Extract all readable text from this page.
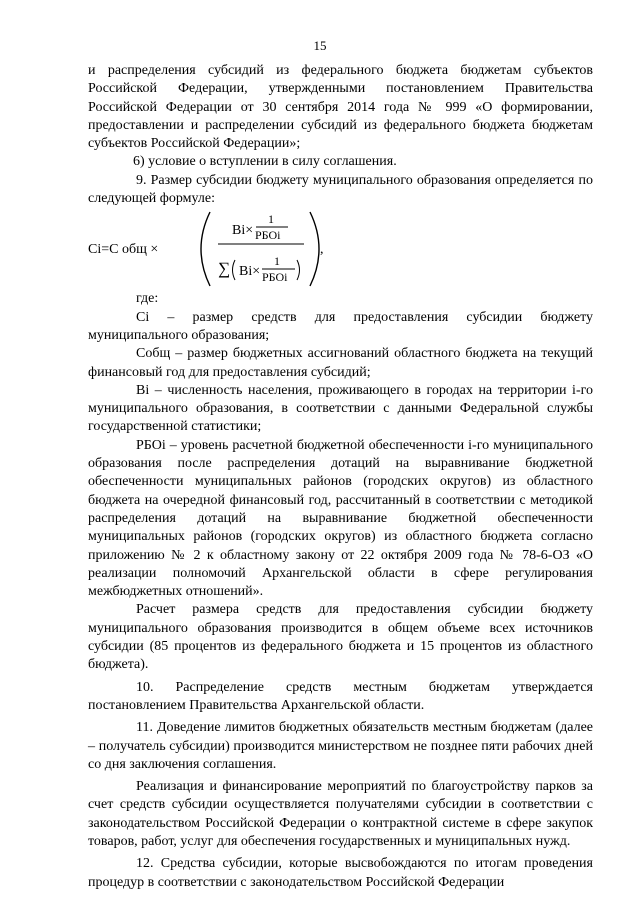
15

и распределения субсидий из федерального бюджета бюджетам субъектов Российской Федерации, утвержденными постановлением Правительства Российской Федерации от 30 сентября 2014 года № 999 «О формировании, предоставлении и распределении субсидий из федерального бюджета бюджетам субъектов Российской Федерации»;

6) условие о вступлении в силу соглашения.

9. Размер субсидии бюджету муниципального образования определяется по следующей формуле:

Ci=C общ ×
Bi×
1
РБОi
∑ Bi×
1
РБОi
,

где:

Ci – размер средств для предоставления субсидии бюджету муниципального образования;

Cобщ – размер бюджетных ассигнований областного бюджета на текущий финансовый год для предоставления субсидий;

Bi – численность населения, проживающего в городах на территории i-го муниципального образования, в соответствии с данными Федеральной службы государственной статистики;

РБОi – уровень расчетной бюджетной обеспеченности i-го муниципального образования после распределения дотаций на выравнивание бюджетной обеспеченности муниципальных районов (городских округов) из областного бюджета на очередной финансовый год, рассчитанный в соответствии с методикой распределения дотаций на выравнивание бюджетной обеспеченности муниципальных районов (городских округов) из областного бюджета согласно приложению № 2 к областному закону от 22 октября 2009 года № 78-6-ОЗ «О реализации полномочий Архангельской области в сфере регулирования межбюджетных отношений».

Расчет размера средств для предоставления субсидии бюджету муниципального образования производится в общем объеме всех источников субсидии (85 процентов из федерального бюджета и 15 процентов из областного бюджета).

10. Распределение средств местным бюджетам утверждается постановлением Правительства Архангельской области.

11. Доведение лимитов бюджетных обязательств местным бюджетам (далее – получатель субсидии) производится министерством не позднее пяти рабочих дней со дня заключения соглашения.

Реализация и финансирование мероприятий по благоустройству парков за счет средств субсидии осуществляется получателями субсидии в соответствии с законодательством Российской Федерации о контрактной системе в сфере закупок товаров, работ, услуг для обеспечения государственных и муниципальных нужд.

12. Средства субсидии, которые высвобождаются по итогам проведения процедур в соответствии с законодательством Российской Федерации
